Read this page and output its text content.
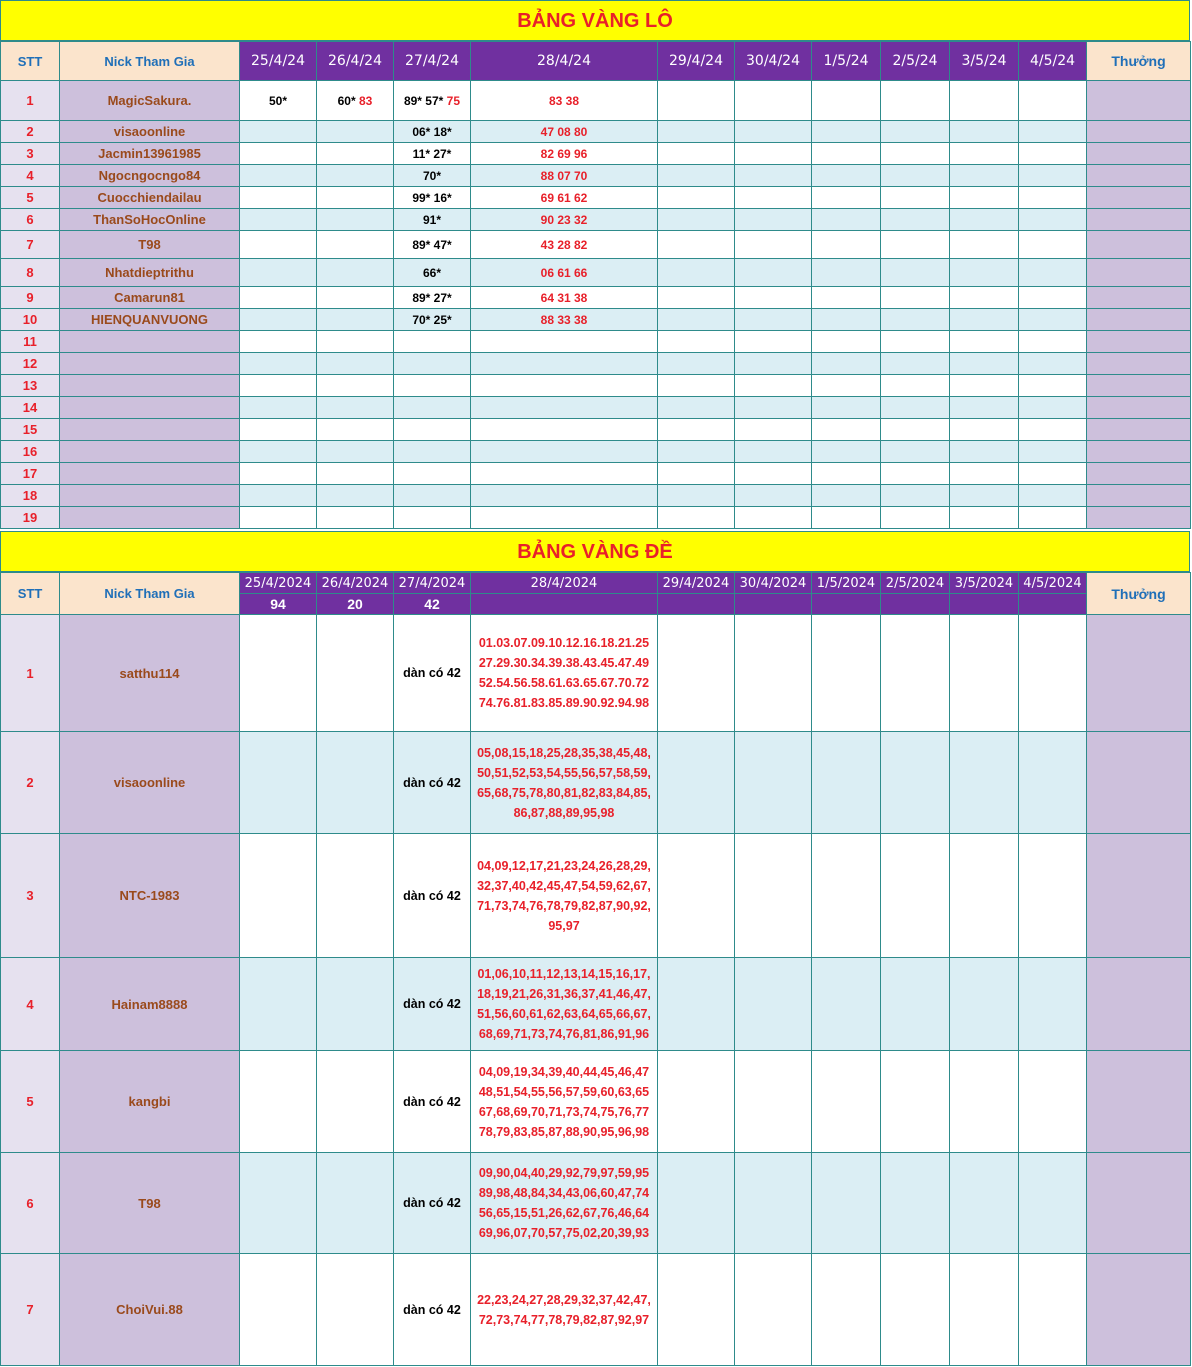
BẢNG VÀNG LÔ
STT	Nick Tham Gia	25/4/24	26/4/24	27/4/24	28/4/24	29/4/24	30/4/24	1/5/24	2/5/24	3/5/24	4/5/24	Thưởng
1	MagicSakura.	50*	60* 83	89* 57* 75	83 38							
2	visaoonline			06* 18*	47 08 80							
3	Jacmin13961985			11* 27*	82 69 96							
4	Ngocngocngo84			70*	88 07 70							
5	Cuocchiendailau			99* 16*	69 61 62							
6	ThanSoHocOnline			91*	90 23 32							
7	T98			89* 47*	43 28 82							
8	Nhatdieptrithu			66*	06 61 66							
9	Camarun81			89* 27*	64 31 38							
10	HIENQUANVUONG			70* 25*	88 33 38							
11												
12												
13												
14												
15												
16												
17												
18												
19												
BẢNG VÀNG ĐỀ
STT	Nick Tham Gia	25/4/2024	26/4/2024	27/4/2024	28/4/2024	29/4/2024	30/4/2024	1/5/2024	2/5/2024	3/5/2024	4/5/2024	Thưởng
		94	20	42								
1	satthu114			dàn có 42	01.03.07.09.10.12.16.18.21.25
27.29.30.34.39.38.43.45.47.49
52.54.56.58.61.63.65.67.70.72
74.76.81.83.85.89.90.92.94.98							

2	visaoonline			dàn có 42	05,08,15,18,25,28,35,38,45,48,
50,51,52,53,54,55,56,57,58,59,
65,68,75,78,80,81,82,83,84,85,
86,87,88,89,95,98							

3	NTC-1983			dàn có 42	04,09,12,17,21,23,24,26,28,29,
32,37,40,42,45,47,54,59,62,67,
71,73,74,76,78,79,82,87,90,92,
95,97							

4	Hainam8888			dàn có 42	01,06,10,11,12,13,14,15,16,17,
18,19,21,26,31,36,37,41,46,47,
51,56,60,61,62,63,64,65,66,67,
68,69,71,73,74,76,81,86,91,96							

5	kangbi			dàn có 42	04,09,19,34,39,40,44,45,46,47
48,51,54,55,56,57,59,60,63,65
67,68,69,70,71,73,74,75,76,77
78,79,83,85,87,88,90,95,96,98							

6	T98			dàn có 42	09,90,04,40,29,92,79,97,59,95
89,98,48,84,34,43,06,60,47,74
56,65,15,51,26,62,67,76,46,64
69,96,07,70,57,75,02,20,39,93							

7	ChoiVui.88			dàn có 42	22,23,24,27,28,29,32,37,42,47,
72,73,74,77,78,79,82,87,92,97							
